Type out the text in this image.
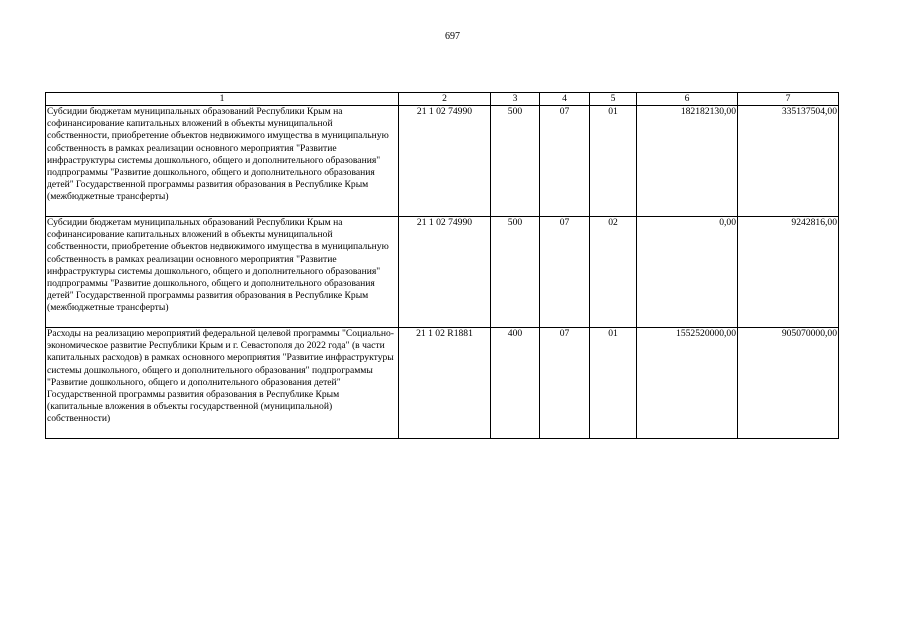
697
1	2	3	4	5	6	7
Субсидии бюджетам муниципальных образований Республики Крым на софинансирование капитальных вложений в объекты муниципальной собственности, приобретение объектов недвижимого имущества в муниципальную собственность в рамках реализации основного мероприятия "Развитие инфраструктуры системы дошкольного, общего и дополнительного образования" подпрограммы "Развитие дошкольного, общего и дополнительного образования детей" Государственной программы развития образования в Республике Крым (межбюджетные трансферты)	21 1 02 74990	500	07	01	182182130,00	335137504,00
Субсидии бюджетам муниципальных образований Республики Крым на софинансирование капитальных вложений в объекты муниципальной собственности, приобретение объектов недвижимого имущества в муниципальную собственность в рамках реализации основного мероприятия "Развитие инфраструктуры системы дошкольного, общего и дополнительного образования" подпрограммы "Развитие дошкольного, общего и дополнительного образования детей" Государственной программы развития образования в Республике Крым (межбюджетные трансферты)	21 1 02 74990	500	07	02	0,00	9242816,00
Расходы на реализацию мероприятий федеральной целевой программы "Социально-экономическое развитие Республики Крым и г. Севастополя до 2022 года" (в части капитальных расходов) в рамках основного мероприятия "Развитие инфраструктуры системы дошкольного, общего и дополнительного образования" подпрограммы "Развитие дошкольного, общего и дополнительного образования детей" Государственной программы развития образования в Республике Крым (капитальные вложения в объекты государственной (муниципальной) собственности)	21 1 02 R1881	400	07	01	1552520000,00	905070000,00
